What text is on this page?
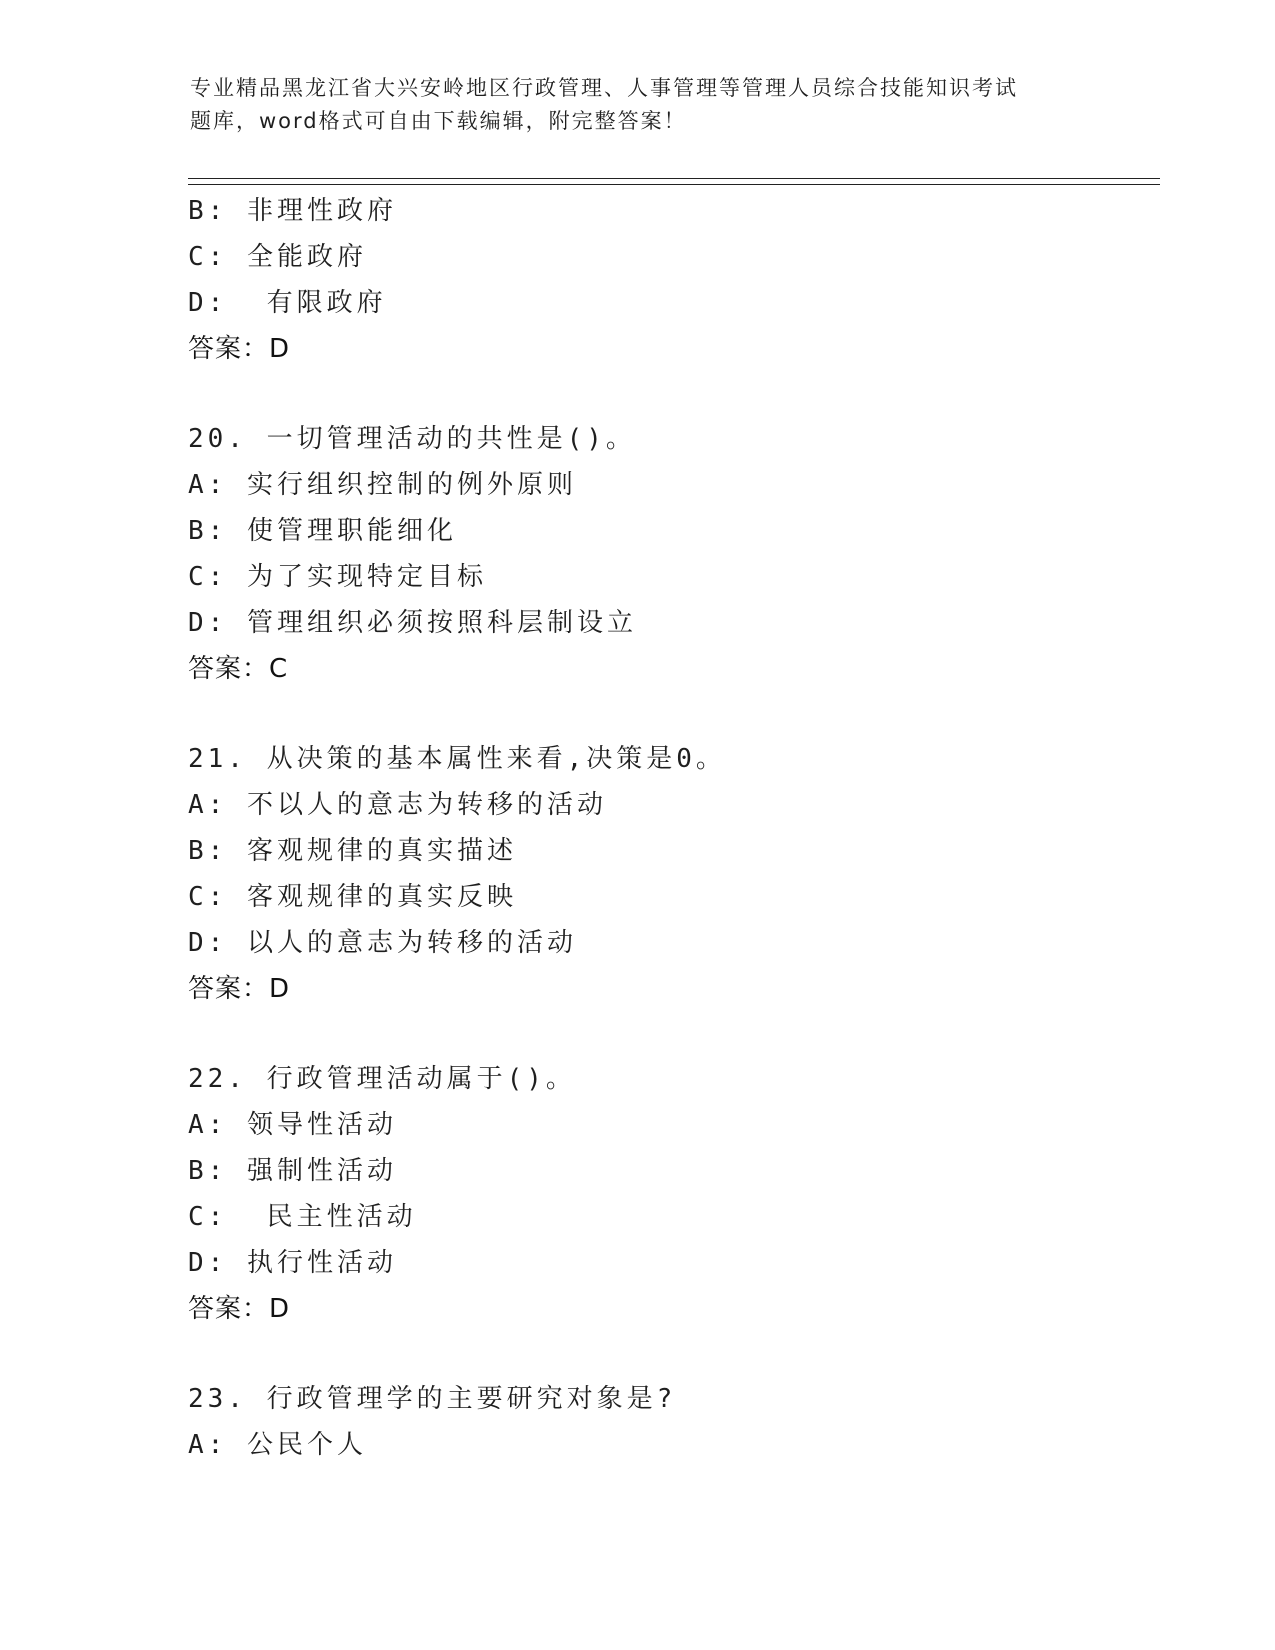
专业精品黑龙江省大兴安岭地区行政管理、人事管理等管理人员综合技能知识考试
题库，word格式可自由下载编辑，附完整答案！
B: 非理性政府
C: 全能政府
D:  有限政府
答案：D
20. 一切管理活动的共性是()。
A: 实行组织控制的例外原则
B: 使管理职能细化
C: 为了实现特定目标
D: 管理组织必须按照科层制设立
答案：C
21. 从决策的基本属性来看,决策是0。
A: 不以人的意志为转移的活动
B: 客观规律的真实描述
C: 客观规律的真实反映
D: 以人的意志为转移的活动
答案：D
22. 行政管理活动属于()。
A: 领导性活动
B: 强制性活动
C:  民主性活动
D: 执行性活动
答案：D
23. 行政管理学的主要研究对象是?
A: 公民个人
